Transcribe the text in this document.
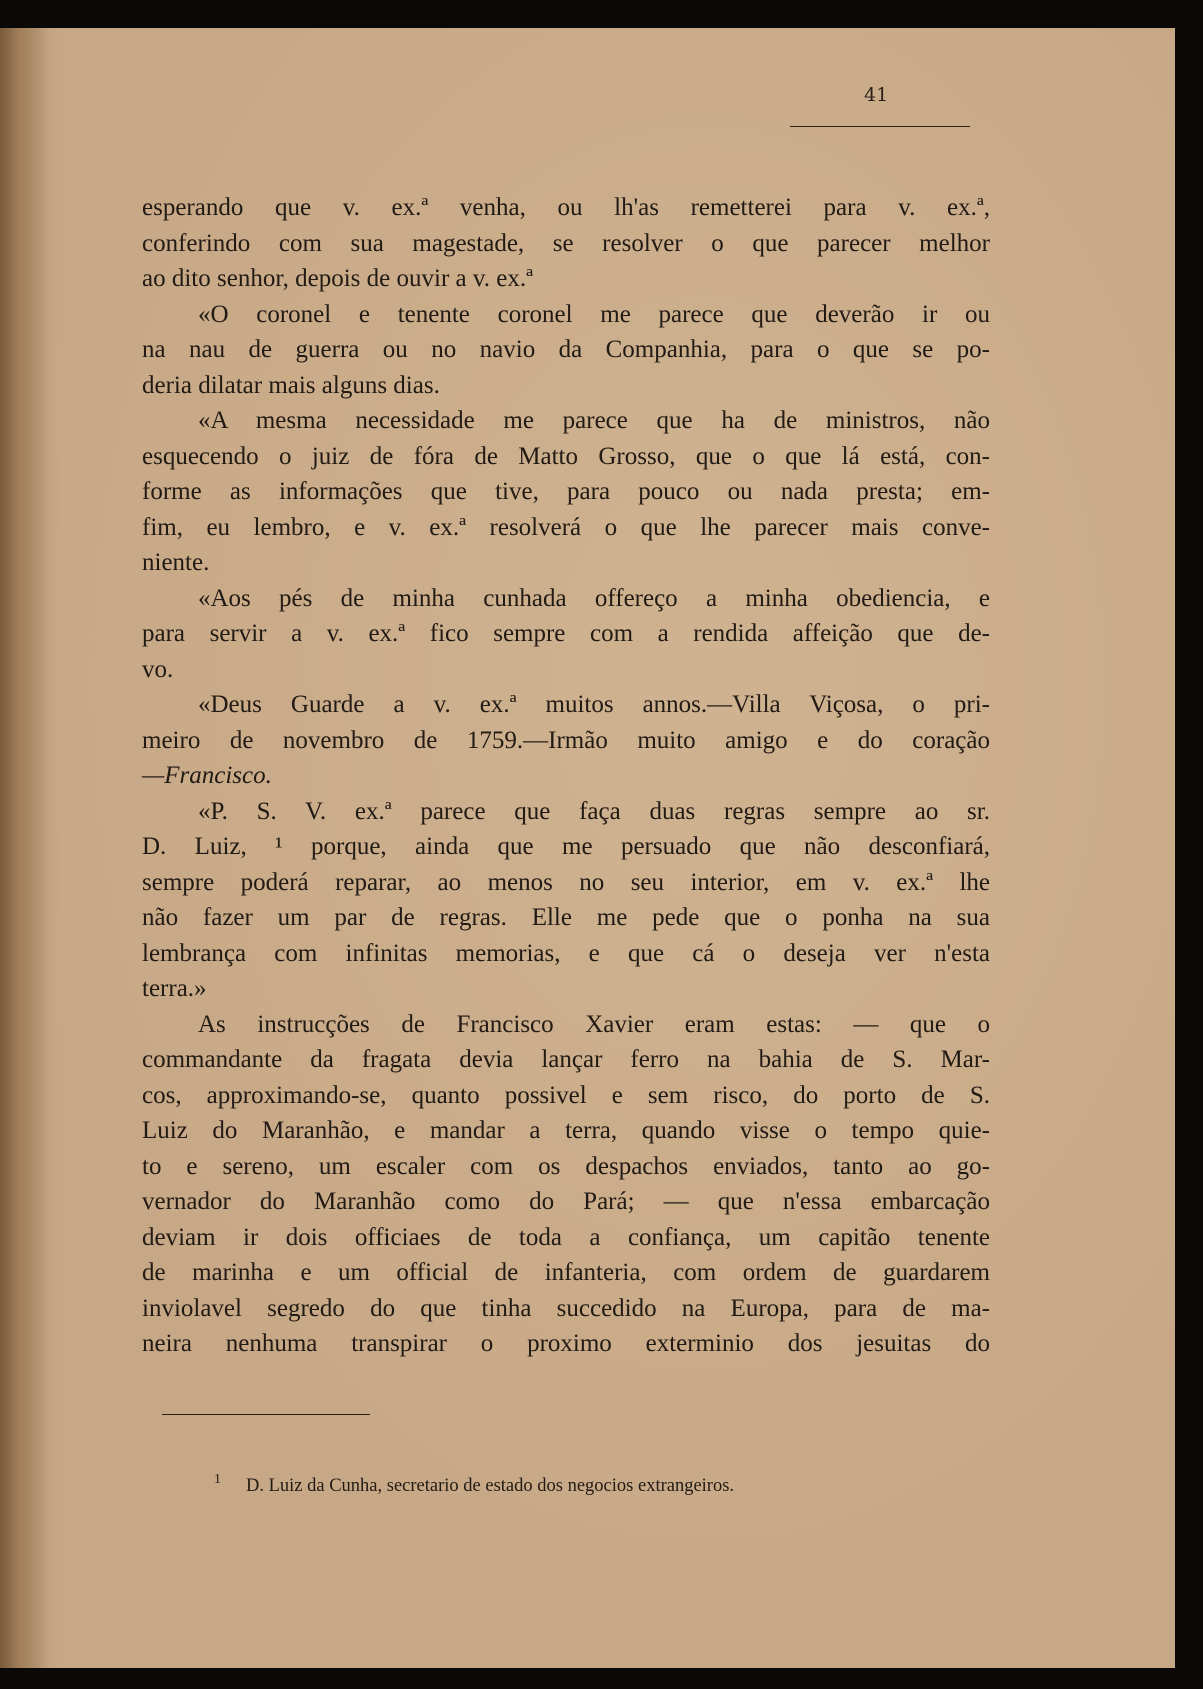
41
esperando que v. ex.ª venha, ou lh'as remetterei para v. ex.ª,
conferindo com sua magestade, se resolver o que parecer melhor
ao dito senhor, depois de ouvir a v. ex.ª
«O coronel e tenente coronel me parece que deverão ir ou
na nau de guerra ou no navio da Companhia, para o que se po-
deria dilatar mais alguns dias.
«A mesma necessidade me parece que ha de ministros, não
esquecendo o juiz de fóra de Matto Grosso, que o que lá está, con-
forme as informações que tive, para pouco ou nada presta; em-
fim, eu lembro, e v. ex.ª resolverá o que lhe parecer mais conve-
niente.
«Aos pés de minha cunhada offereço a minha obediencia, e
para servir a v. ex.ª fico sempre com a rendida affeição que de-
vo.
«Deus Guarde a v. ex.ª muitos annos.—Villa Viçosa, o pri-
meiro de novembro de 1759.—Irmão muito amigo e do coração
—Francisco.
«P. S. V. ex.ª parece que faça duas regras sempre ao sr.
D. Luiz, ¹ porque, ainda que me persuado que não desconfiará,
sempre poderá reparar, ao menos no seu interior, em v. ex.ª lhe
não fazer um par de regras. Elle me pede que o ponha na sua
lembrança com infinitas memorias, e que cá o deseja ver n'esta
terra.»
As instrucções de Francisco Xavier eram estas: — que o
commandante da fragata devia lançar ferro na bahia de S. Mar-
cos, approximando-se, quanto possivel e sem risco, do porto de S.
Luiz do Maranhão, e mandar a terra, quando visse o tempo quie-
to e sereno, um escaler com os despachos enviados, tanto ao go-
vernador do Maranhão como do Pará; — que n'essa embarcação
deviam ir dois officiaes de toda a confiança, um capitão tenente
de marinha e um official de infanteria, com ordem de guardarem
inviolavel segredo do que tinha succedido na Europa, para de ma-
neira nenhuma transpirar o proximo exterminio dos jesuitas do
1 D. Luiz da Cunha, secretario de estado dos negocios extrangeiros.
